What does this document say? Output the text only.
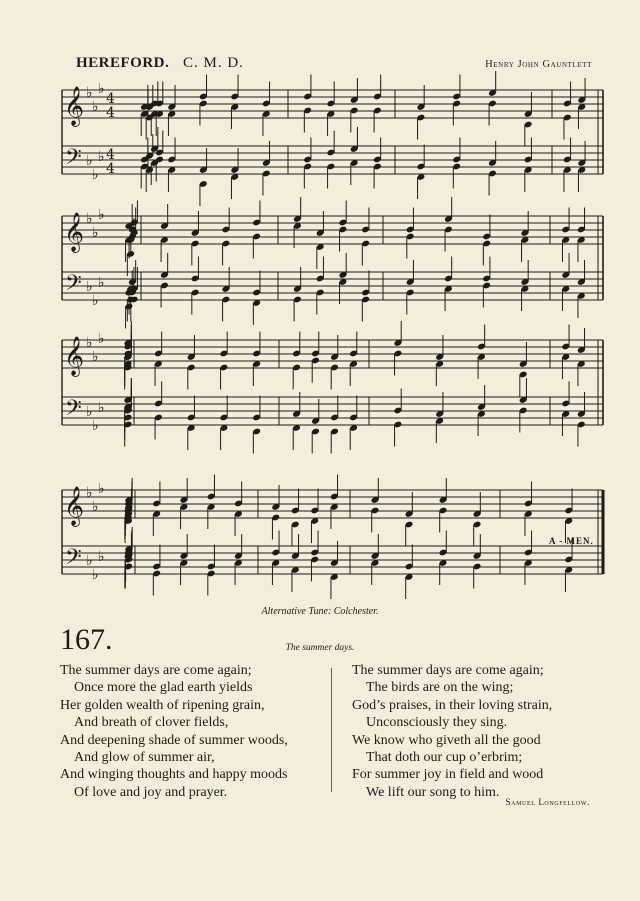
HEREFORD. C. M. D.	Henry John Gauntlett
𝄞
𝄢
♭
♭
♭
♭
♭
♭
4
4
4
4
𝄞
𝄢
♭
♭
♭
♭
♭
♭
𝄞
𝄢
♭
♭
♭
♭
♭
♭
𝄞
𝄢
♭
♭
♭
♭
♭
♭
A - MEN.
Alternative Tune: Colchester.
167.	The summer days.
The summer days are come again;
Once more the glad earth yields
Her golden wealth of ripening grain,
And breath of clover fields,
And deepening shade of summer woods,
And glow of summer air,
And winging thoughts and happy moods
Of love and joy and prayer.
The summer days are come again;
The birds are on the wing;
God’s praises, in their loving strain,
Unconsciously they sing.
We know who giveth all the good
That doth our cup o’erbrim;
For summer joy in field and wood
We lift our song to him.
Samuel Longfellow.
